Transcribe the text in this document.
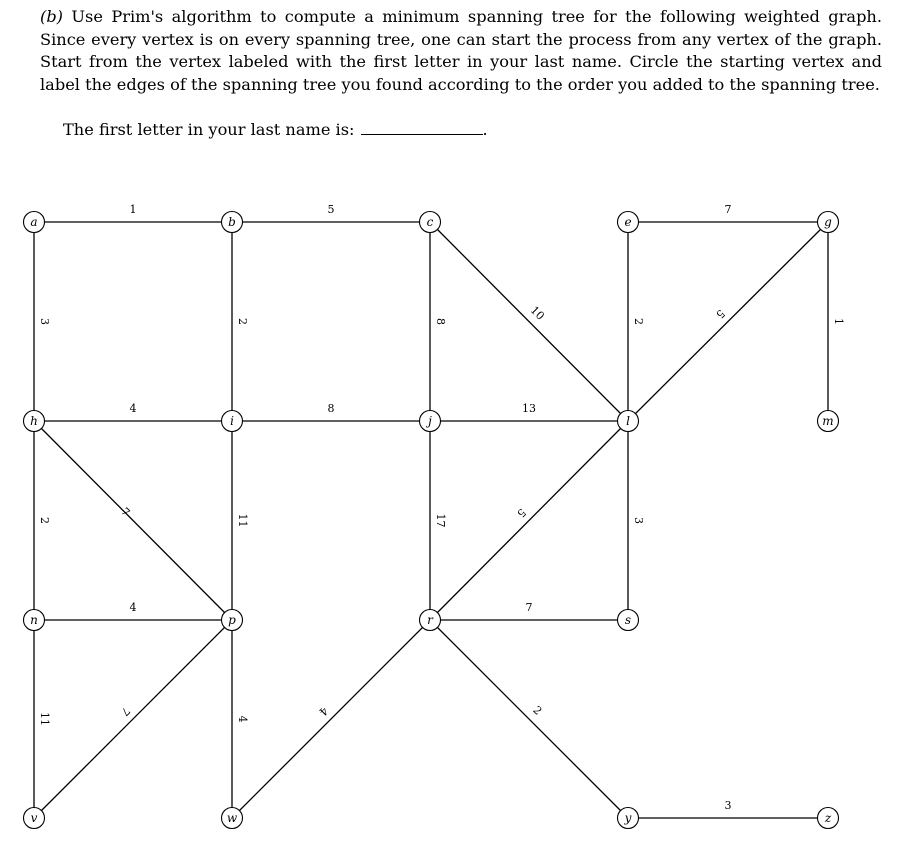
(b) Use Prim's algorithm to compute a minimum spanning tree for the following weighted graph. Since every vertex is on every spanning tree, one can start the process from any vertex of the graph. Start from the vertex labeled with the first letter in your last name. Circle the starting vertex and label the edges of the spanning tree you found according to the order you added to the spanning tree.
The first letter in your last name is:	.
1	5	7
3	2	8	10	2
5
1
4	8	13
2
7
11	17
5
3
4	7
11
7
4
4	2
3
a	b	c	e	g
h	i	j	l	m
n	p	r	s
v	w	y	z
